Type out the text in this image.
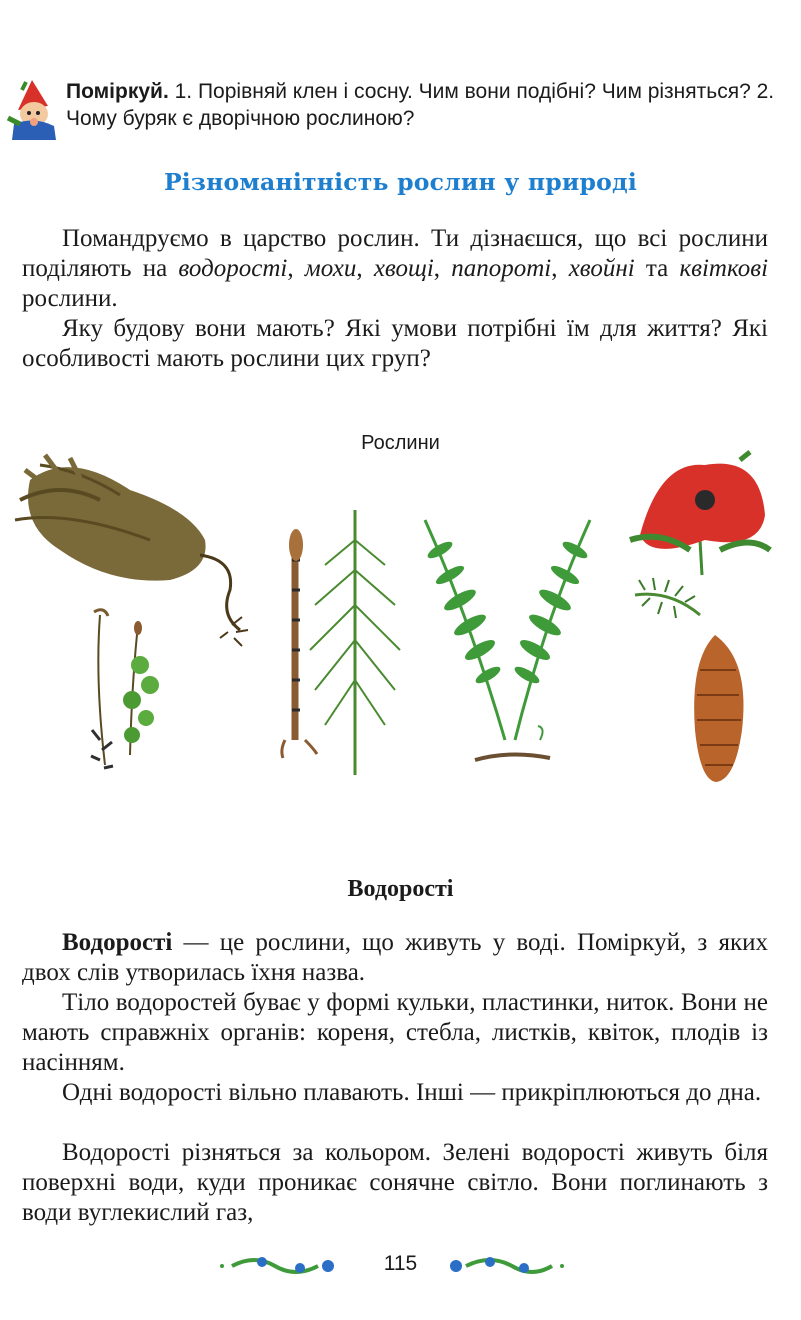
Поміркуй. 1. Порівняй клен і сосну. Чим вони подібні? Чим різняться? 2. Чому буряк є дворічною рослиною?
Різноманітність рослин у природі
Помандруємо в царство рослин. Ти дізнаєшся, що всі рослини поділяють на водорості, мохи, хвощі, папороті, хвойні та квіткові рослини.
Яку будову вони мають? Які умови потрібні їм для життя? Які особливості мають рослини цих груп?
Рослини
Водорості
Водорості — це рослини, що живуть у воді. Поміркуй, з яких двох слів утворилась їхня назва.
Тіло водоростей буває у формі кульки, пластинки, ниток. Вони не мають справжніх органів: кореня, стебла, листків, квіток, плодів із насінням.
Одні водорості вільно плавають. Інші — прикріплюються до дна.
Водорості різняться за кольором. Зелені водорості живуть біля поверхні води, куди проникає сонячне світло. Вони поглинають з води вуглекислий газ,
115
